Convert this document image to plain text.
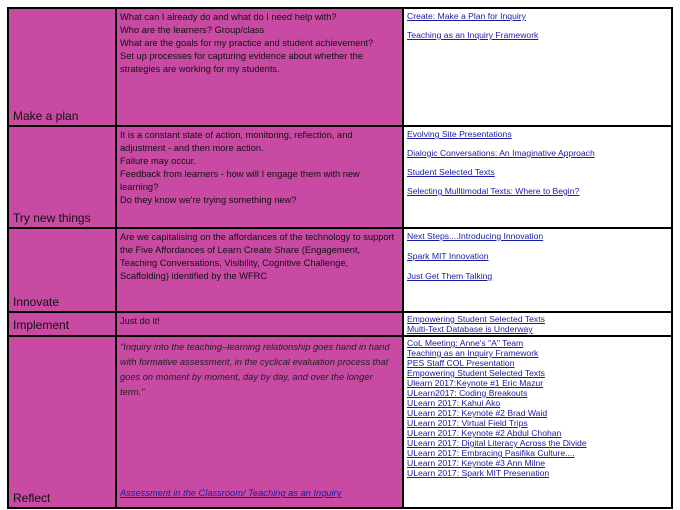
Make a plan

What can I already do and what do I need help with?

Who are the learners? Group/class

What are the goals for my practice and student achievement?

Set up processes for capturing evidence about whether the strategies are working for my students.

Create: Make a Plan for Inquiry
Teaching as an Inquiry Framework
Try new things

It is a constant state of action, monitoring, reflection, and adjustment - and then more action.

Failure may occur.

Feedback from learners - how will I engage them with new learning?

Do they know we're trying something new?

Evolving Site Presentations
Dialogic Conversations: An Imaginative Approach
Student Selected Texts
Selecting Mulltimodal Texts: Where to Begin?
Innovate

Are we capitalising on the affordances of the technology to support the Five Affordances of Learn Create Share (Engagement, Teaching Conversations, Visibility, Cognitive Challenge, Scaffolding) identified by the WFRC

Next Steps....Introducing Innovation
Spark MIT Innovation
Just Get Them Talking
Implement	Just do it!	Empowering Student Selected Texts
Multi-Text Database is Underway
Reflect

"Inquiry into the teaching–learning relationship goes hand in hand with formative assessment, in the cyclical evaluation process that goes on moment by moment, day by day, and over the longer term."

Assessment in the Classroom/ Teaching as an Inquiry
CoL Meeting: Anne's "A" Team
Teaching as an Inquiry Framework
PES Staff COL Presentation
Empowering Student Selected Texts
Ulearn 2017:Keynote #1 Eric Mazur
ULearn2017: Coding Breakouts
ULearn 2017: Kahui Ako
ULearn 2017: Keynote #2 Brad Waid
ULearn 2017: Virtual Field Trips
ULearn 2017: Keynote #2 Abdul Chohan
ULearn 2017: Digital Literacy Across the Divide
ULearn 2017: Embracing Pasifika Culture....
ULearn 2017: Keynote #3 Ann Milne
ULearn 2017: Spark MIT Presenation
